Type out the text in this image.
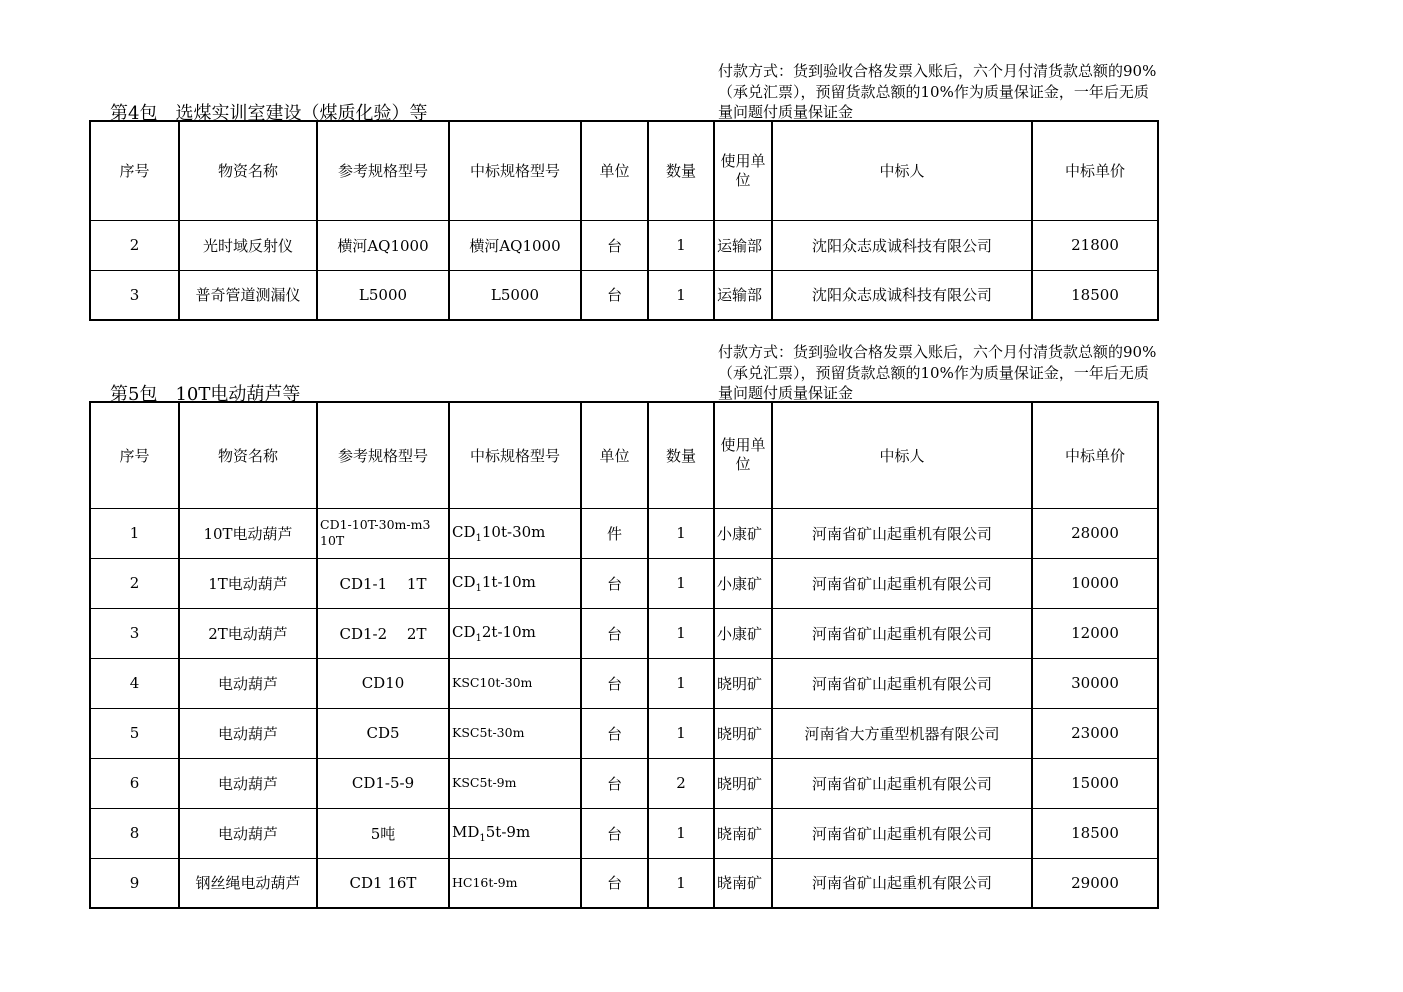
第4包　选煤实训室建设（煤质化验）等
付款方式：货到验收合格发票入账后，六个月付清货款总额的90%（承兑汇票），预留货款总额的10%作为质量保证金，一年后无质量问题付质量保证金
序号	物资名称	参考规格型号	中标规格型号	单位	数量	使用单位	中标人	中标单价
2	光时域反射仪	横河AQ1000	横河AQ1000	台	1	运输部	沈阳众志成诚科技有限公司	21800
3	普奇管道测漏仪	L5000	L5000	台	1	运输部	沈阳众志成诚科技有限公司	18500
第5包　10T电动葫芦等
付款方式：货到验收合格发票入账后，六个月付清货款总额的90%（承兑汇票），预留货款总额的10%作为质量保证金，一年后无质量问题付质量保证金
序号	物资名称	参考规格型号	中标规格型号	单位	数量	使用单位	中标人	中标单价
1	10T电动葫芦	CD1-10T-30m-m3 10T	$CD_110t-30m$	件	1	小康矿	河南省矿山起重机有限公司	28000
2	1T电动葫芦	CD1-1　 1T	$CD_11t-10m$	台	1	小康矿	河南省矿山起重机有限公司	10000
3	2T电动葫芦	CD1-2　 2T	$CD_12t-10m$	台	1	小康矿	河南省矿山起重机有限公司	12000
4	电动葫芦	CD10	KSC10t-30m	台	1	晓明矿	河南省矿山起重机有限公司	30000
5	电动葫芦	CD5	KSC5t-30m	台	1	晓明矿	河南省大方重型机器有限公司	23000
6	电动葫芦	CD1-5-9	KSC5t-9m	台	2	晓明矿	河南省矿山起重机有限公司	15000
8	电动葫芦	5吨	$MD_15t-9m$	台	1	晓南矿	河南省矿山起重机有限公司	18500
9	钢丝绳电动葫芦	CD1 16T	HC16t-9m	台	1	晓南矿	河南省矿山起重机有限公司	29000
